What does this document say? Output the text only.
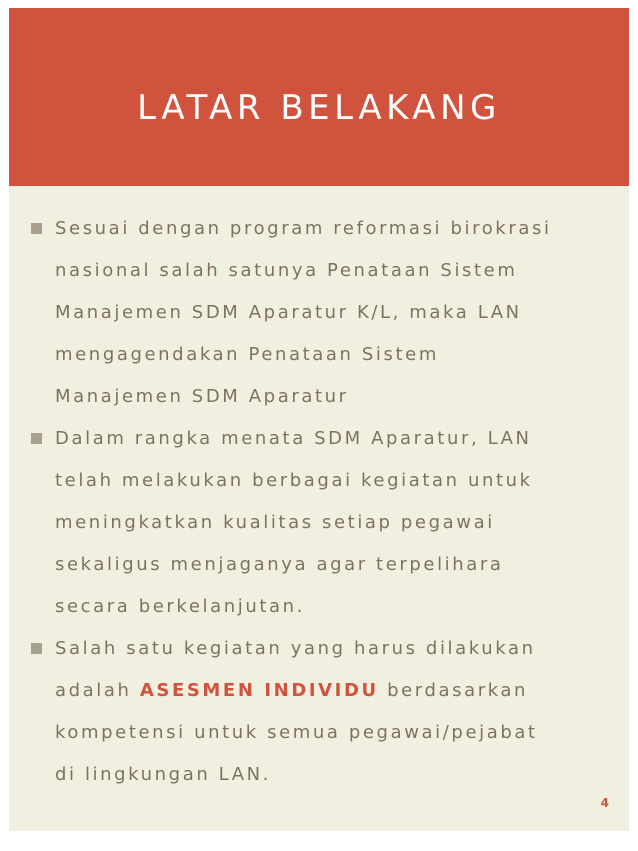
LATAR BELAKANG
Sesuai dengan program reformasi birokrasi
nasional salah satunya Penataan Sistem
Manajemen SDM Aparatur K/L, maka LAN
mengagendakan Penataan Sistem
Manajemen SDM Aparatur
Dalam rangka menata SDM Aparatur, LAN
telah melakukan berbagai kegiatan untuk
meningkatkan kualitas setiap pegawai
sekaligus menjaganya agar terpelihara
secara berkelanjutan.
Salah satu kegiatan yang harus dilakukan
adalah ASESMEN INDIVIDU berdasarkan
kompetensi untuk semua pegawai/pejabat
di lingkungan LAN.
4
